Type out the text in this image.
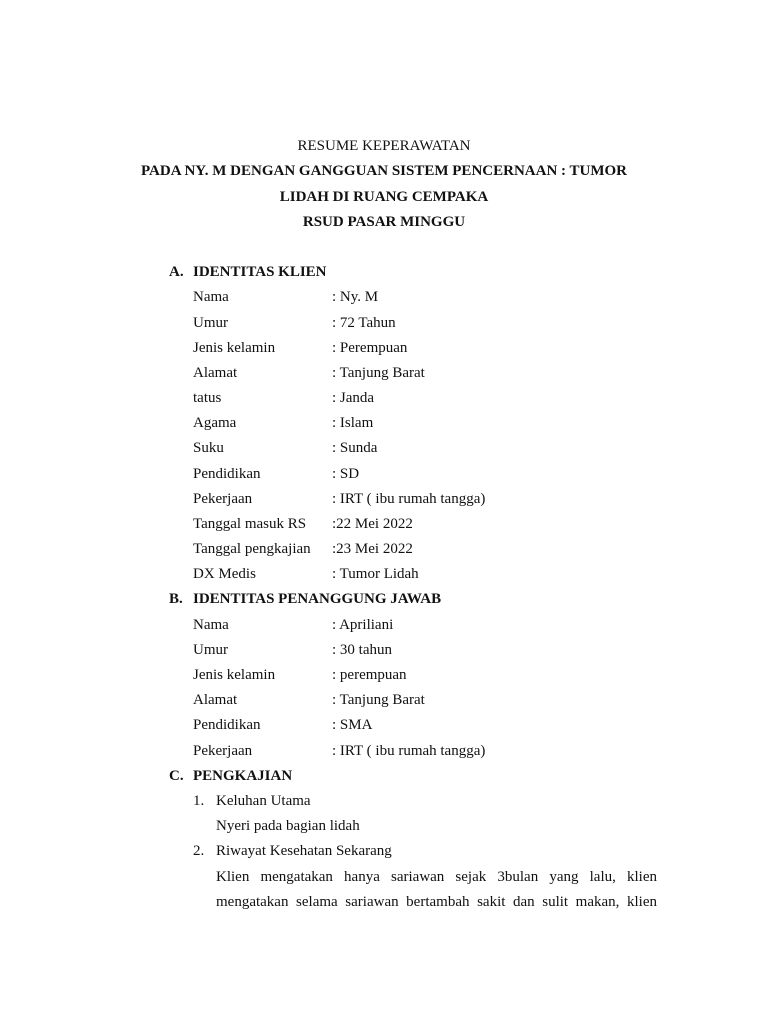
RESUME KEPERAWATAN
PADA NY. M DENGAN GANGGUAN SISTEM PENCERNAAN : TUMOR
LIDAH DI RUANG CEMPAKA
RSUD PASAR MINGGU
A. IDENTITAS KLIEN
Nama	: Ny. M
Umur	: 72 Tahun
Jenis kelamin	: Perempuan
Alamat	: Tanjung Barat
tatus	: Janda
Agama	: Islam
Suku	: Sunda
Pendidikan	: SD
Pekerjaan	: IRT ( ibu rumah tangga)
Tanggal masuk RS :22 Mei 2022
Tanggal pengkajian :23 Mei 2022
DX Medis	: Tumor Lidah
B. IDENTITAS PENANGGUNG JAWAB
Nama	: Apriliani
Umur	: 30 tahun
Jenis kelamin	: perempuan
Alamat	: Tanjung Barat
Pendidikan	: SMA
Pekerjaan	: IRT ( ibu rumah tangga)
C. PENGKAJIAN
1. Keluhan Utama
Nyeri pada bagian lidah
2. Riwayat Kesehatan Sekarang
Klien mengatakan hanya sariawan sejak 3bulan yang lalu, klien
mengatakan selama sariawan bertambah sakit dan sulit makan, klien
